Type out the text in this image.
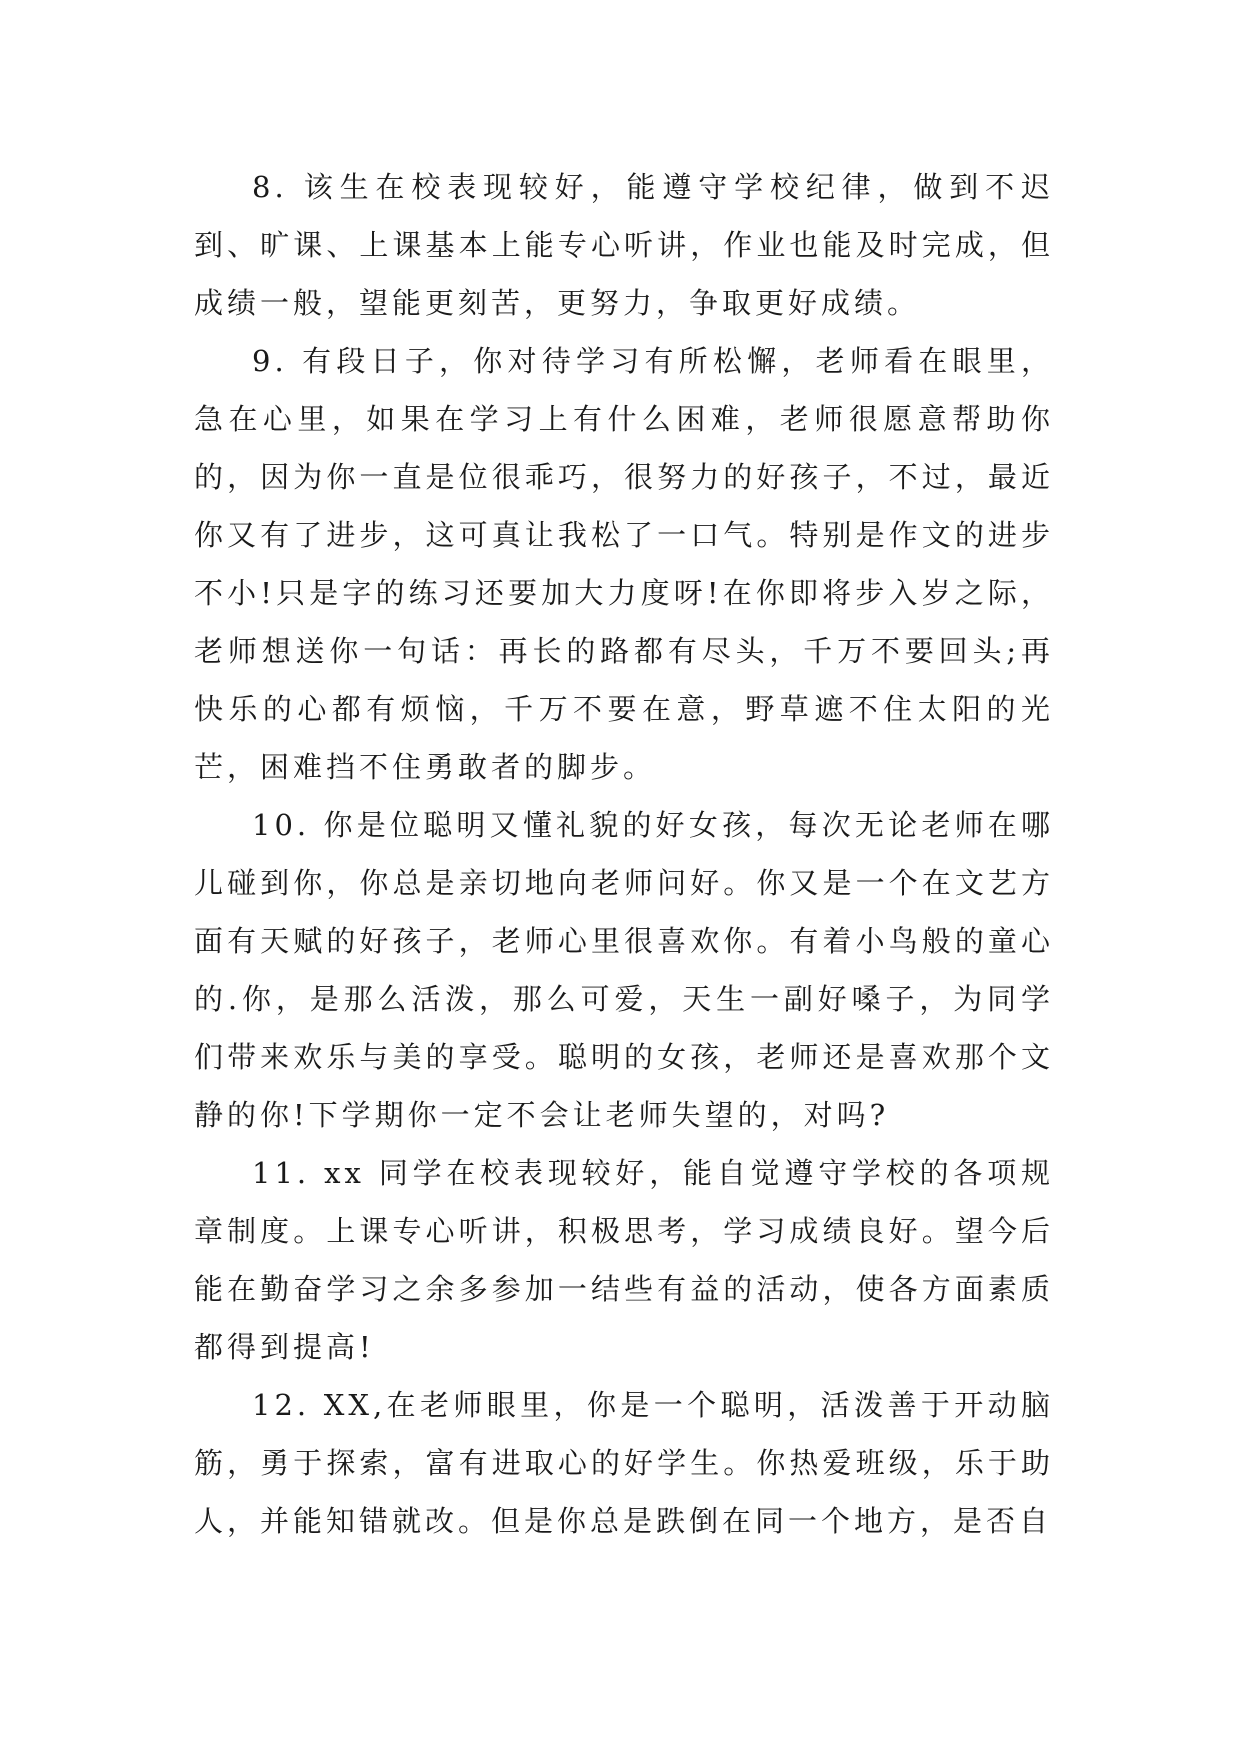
8. 该生在校表现较好，能遵守学校纪律，做到不迟到、旷课、上课基本上能专心听讲，作业也能及时完成，但成绩一般，望能更刻苦，更努力，争取更好成绩。

9. 有段日子，你对待学习有所松懈，老师看在眼里，急在心里，如果在学习上有什么困难，老师很愿意帮助你的，因为你一直是位很乖巧，很努力的好孩子，不过，最近你又有了进步，这可真让我松了一口气。特别是作文的进步不小!只是字的练习还要加大力度呀!在你即将步入岁之际，老师想送你一句话：再长的路都有尽头，千万不要回头;再快乐的心都有烦恼，千万不要在意，野草遮不住太阳的光芒，困难挡不住勇敢者的脚步。

10. 你是位聪明又懂礼貌的好女孩，每次无论老师在哪儿碰到你，你总是亲切地向老师问好。你又是一个在文艺方面有天赋的好孩子，老师心里很喜欢你。有着小鸟般的童心的.你，是那么活泼，那么可爱，天生一副好嗓子，为同学们带来欢乐与美的享受。聪明的女孩，老师还是喜欢那个文静的你!下学期你一定不会让老师失望的，对吗?

11. xx 同学在校表现较好，能自觉遵守学校的各项规章制度。上课专心听讲，积极思考，学习成绩良好。望今后能在勤奋学习之余多参加一结些有益的活动，使各方面素质都得到提高!

12. XX,在老师眼里，你是一个聪明，活泼善于开动脑筋，勇于探索，富有进取心的好学生。你热爱班级，乐于助人，并能知错就改。但是你总是跌倒在同一个地方，是否自
